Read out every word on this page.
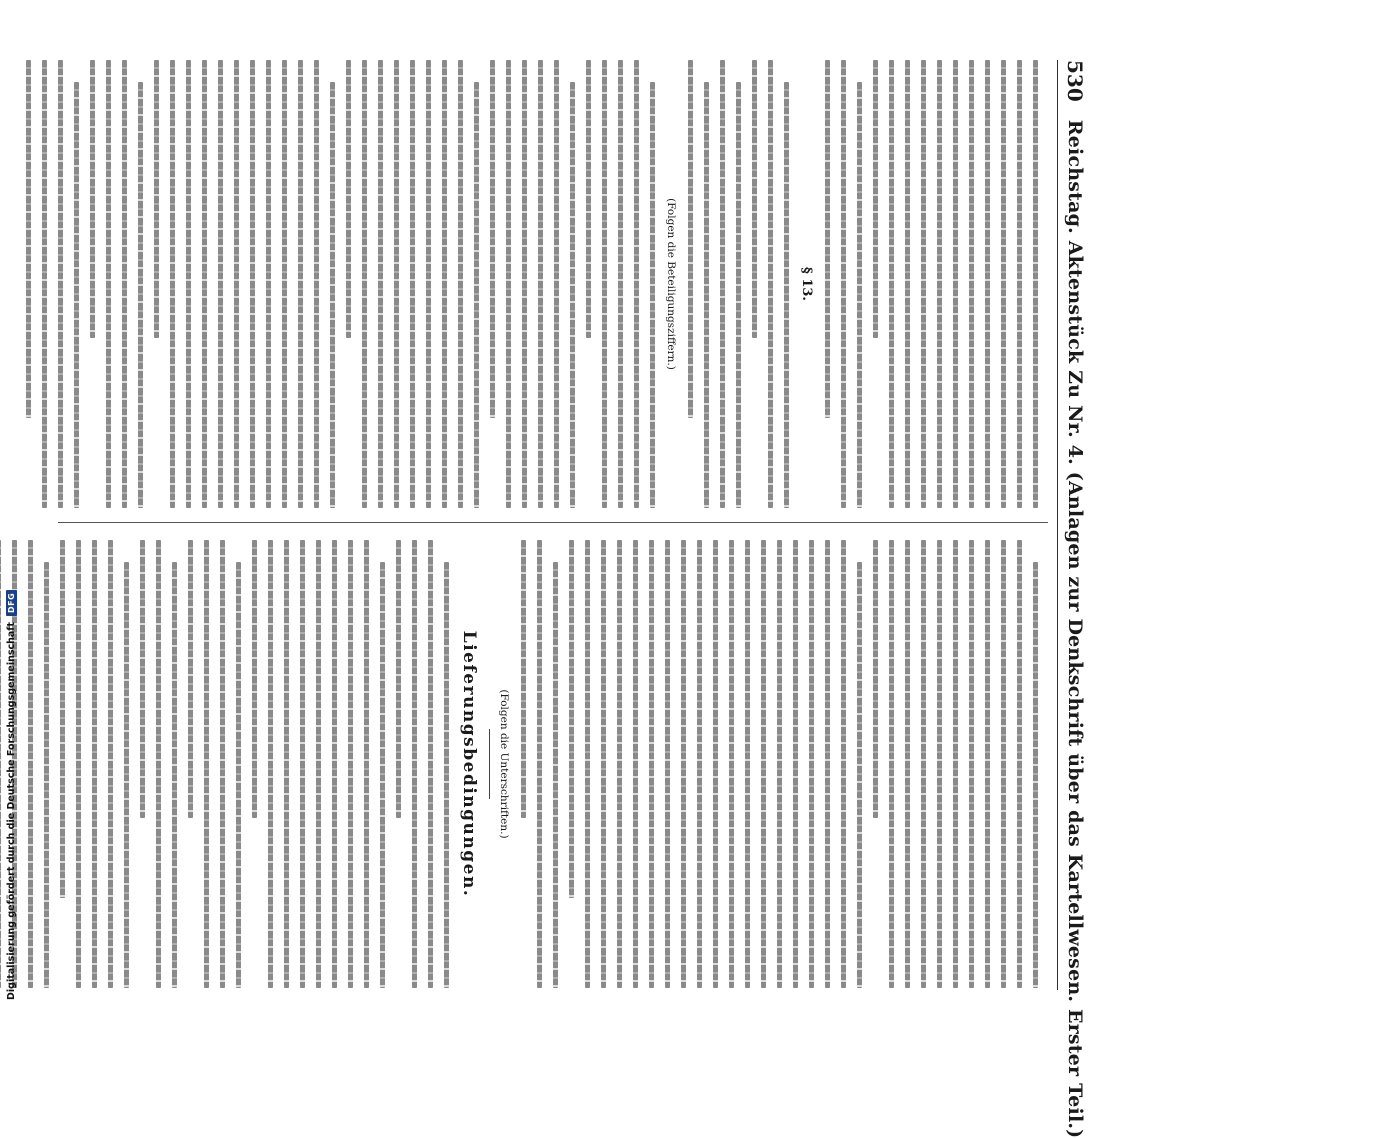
530
Reichstag. Aktenstück Zu Nr. 4. (Anlagen zur Denkschrift über das Kartellwesen. Erster Teil.)
§ 13.
(Folgen die Beteiligungsziffern.)
(Folgen die Unterschriften.)
Lieferungsbedingungen.
Digitalisierung gefördert durch die Deutsche Forschungsgemeinschaft
DFG
